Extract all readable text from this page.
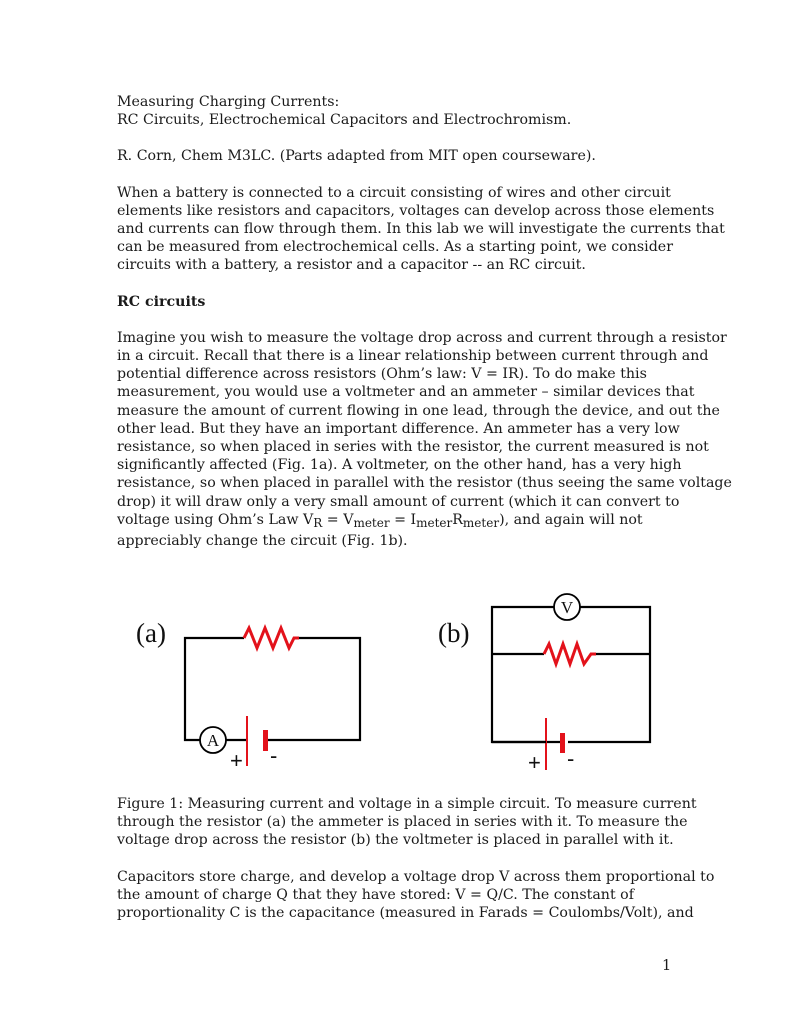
Measuring Charging Currents:
RC Circuits, Electrochemical Capacitors and Electrochromism.
R. Corn, Chem M3LC. (Parts adapted from MIT open courseware).
When a battery is connected to a circuit consisting of wires and other circuit
elements like resistors and capacitors, voltages can develop across those elements
and currents can flow through them. In this lab we will investigate the currents that
can be measured from electrochemical cells. As a starting point, we consider
circuits with a battery, a resistor and a capacitor -- an RC circuit.
RC circuits
Imagine you wish to measure the voltage drop across and current through a resistor
in a circuit. Recall that there is a linear relationship between current through and
potential difference across resistors (Ohm’s law: V = IR). To do make this
measurement, you would use a voltmeter and an ammeter – similar devices that
measure the amount of current flowing in one lead, through the device, and out the
other lead. But they have an important difference. An ammeter has a very low
resistance, so when placed in series with the resistor, the current measured is not
significantly affected (Fig. 1a). A voltmeter, on the other hand, has a very high
resistance, so when placed in parallel with the resistor (thus seeing the same voltage
drop) it will draw only a very small amount of current (which it can convert to
voltage using Ohm’s Law $V_R = V_{meter} = I_{meter}R_{meter}$), and again will not
appreciably change the circuit (Fig. 1b).
(a)
A
+ -
(b)
V
+ -
Figure 1: Measuring current and voltage in a simple circuit. To measure current
through the resistor (a) the ammeter is placed in series with it. To measure the
voltage drop across the resistor (b) the voltmeter is placed in parallel with it.
Capacitors store charge, and develop a voltage drop V across them proportional to
the amount of charge Q that they have stored: V = Q/C. The constant of
proportionality C is the capacitance (measured in Farads = Coulombs/Volt), and
1
